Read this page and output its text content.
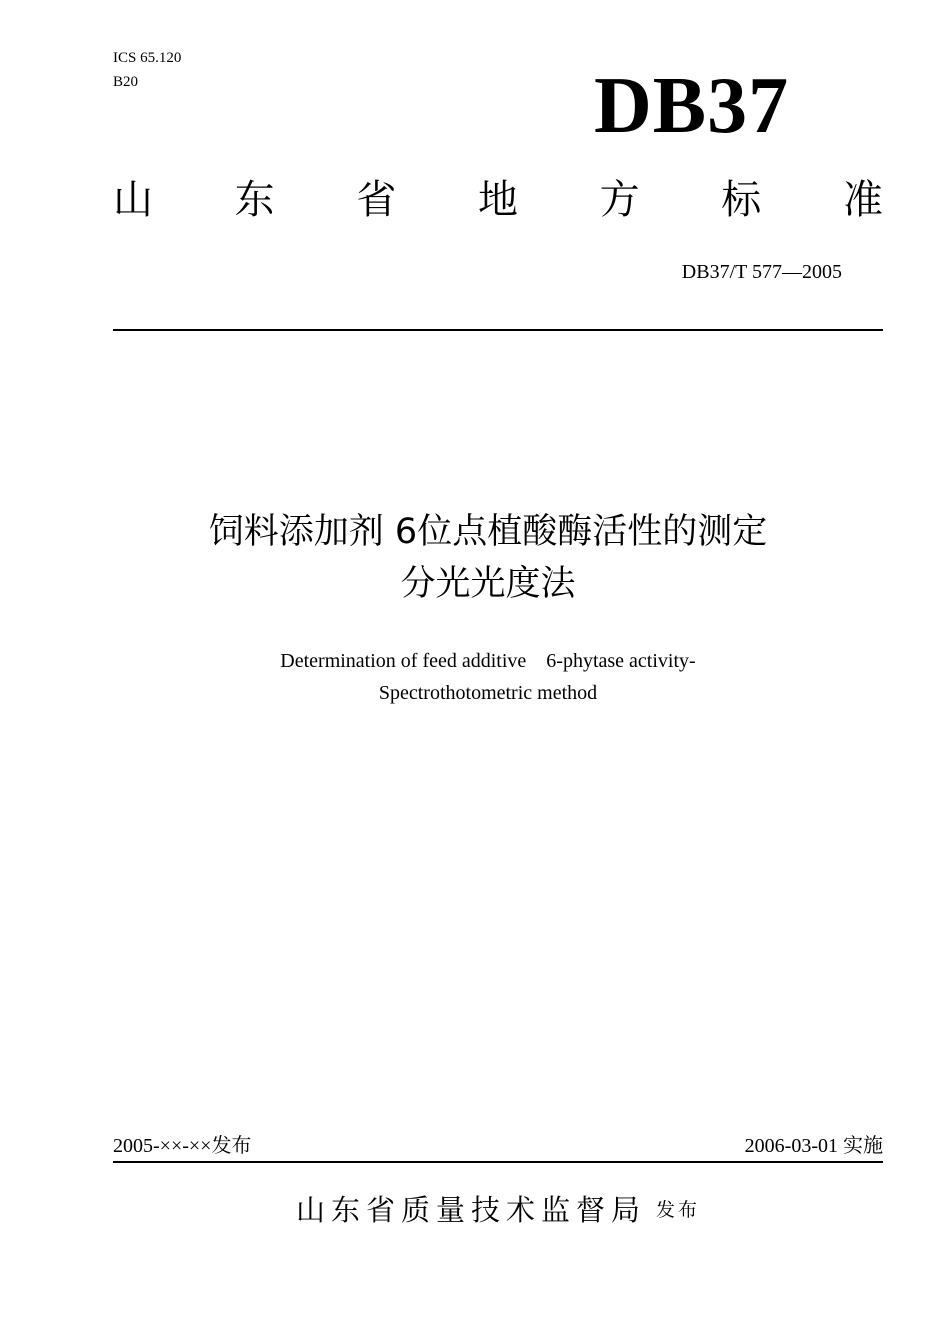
ICS 65.120
B20	DB37
山 东 省 地 方 标 准
DB37/T 577—2005
饲料添加剂 6位点植酸酶活性的测定
分光光度法
Determination of feed additive    6-phytase activity-
Spectrothotometric method
2005-××-××发布	2006-03-01 实施
山东省质量技术监督局 发布
